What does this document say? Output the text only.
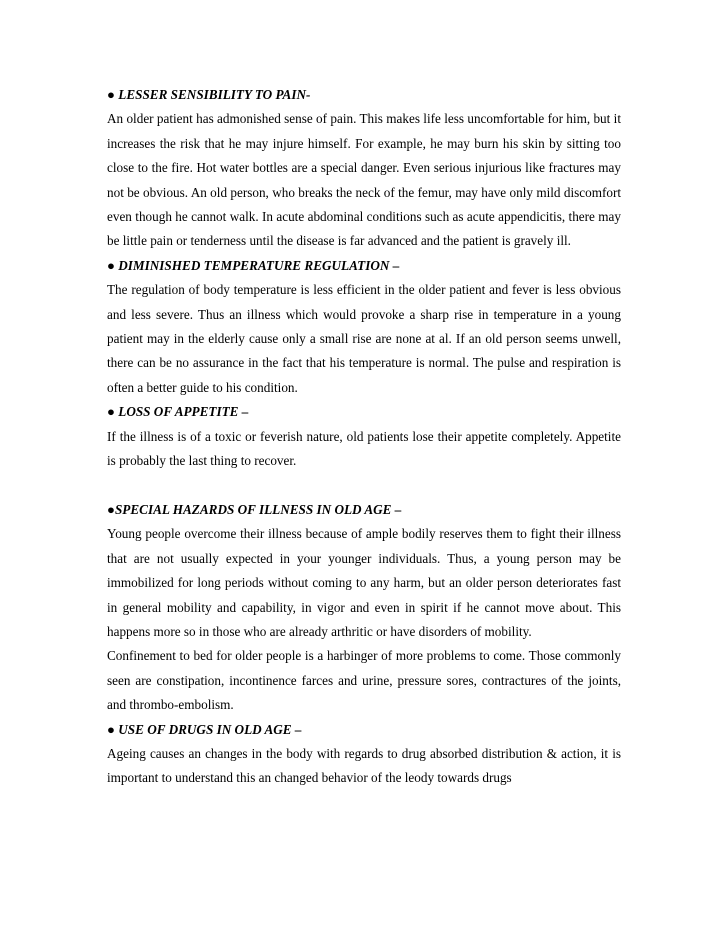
● LESSER SENSIBILITY TO PAIN-

An older patient has admonished sense of pain. This makes life less uncomfortable for him, but it increases the risk that he may injure himself. For example, he may burn his skin by sitting too close to the fire. Hot water bottles are a special danger. Even serious injurious like fractures may not be obvious. An old person, who breaks the neck of the femur, may have only mild discomfort even though he cannot walk. In acute abdominal conditions such as acute appendicitis, there may be little pain or tenderness until the disease is far advanced and the patient is gravely ill.

● DIMINISHED TEMPERATURE REGULATION –

The regulation of body temperature is less efficient in the older patient and fever is less obvious and less severe. Thus an illness which would provoke a sharp rise in temperature in a young patient may in the elderly cause only a small rise are none at al. If an old person seems unwell, there can be no assurance in the fact that his temperature is normal. The pulse and respiration is often a better guide to his condition.

● LOSS OF APPETITE –

If the illness is of a toxic or feverish nature, old patients lose their appetite completely. Appetite is probably the last thing to recover.

●SPECIAL HAZARDS OF ILLNESS IN OLD AGE –

Young people overcome their illness because of ample bodily reserves them to fight their illness that are not usually expected in your younger individuals. Thus, a young person may be immobilized for long periods without coming to any harm, but an older person deteriorates fast in general mobility and capability, in vigor and even in spirit if he cannot move about. This happens more so in those who are already arthritic or have disorders of mobility.

Confinement to bed for older people is a harbinger of more problems to come. Those commonly seen are constipation, incontinence farces and urine, pressure sores, contractures of the joints, and thrombo-embolism.

● USE OF DRUGS IN OLD AGE –

Ageing causes an changes in the body with regards to drug absorbed distribution & action, it is important to understand this an changed behavior of the leody towards drugs
